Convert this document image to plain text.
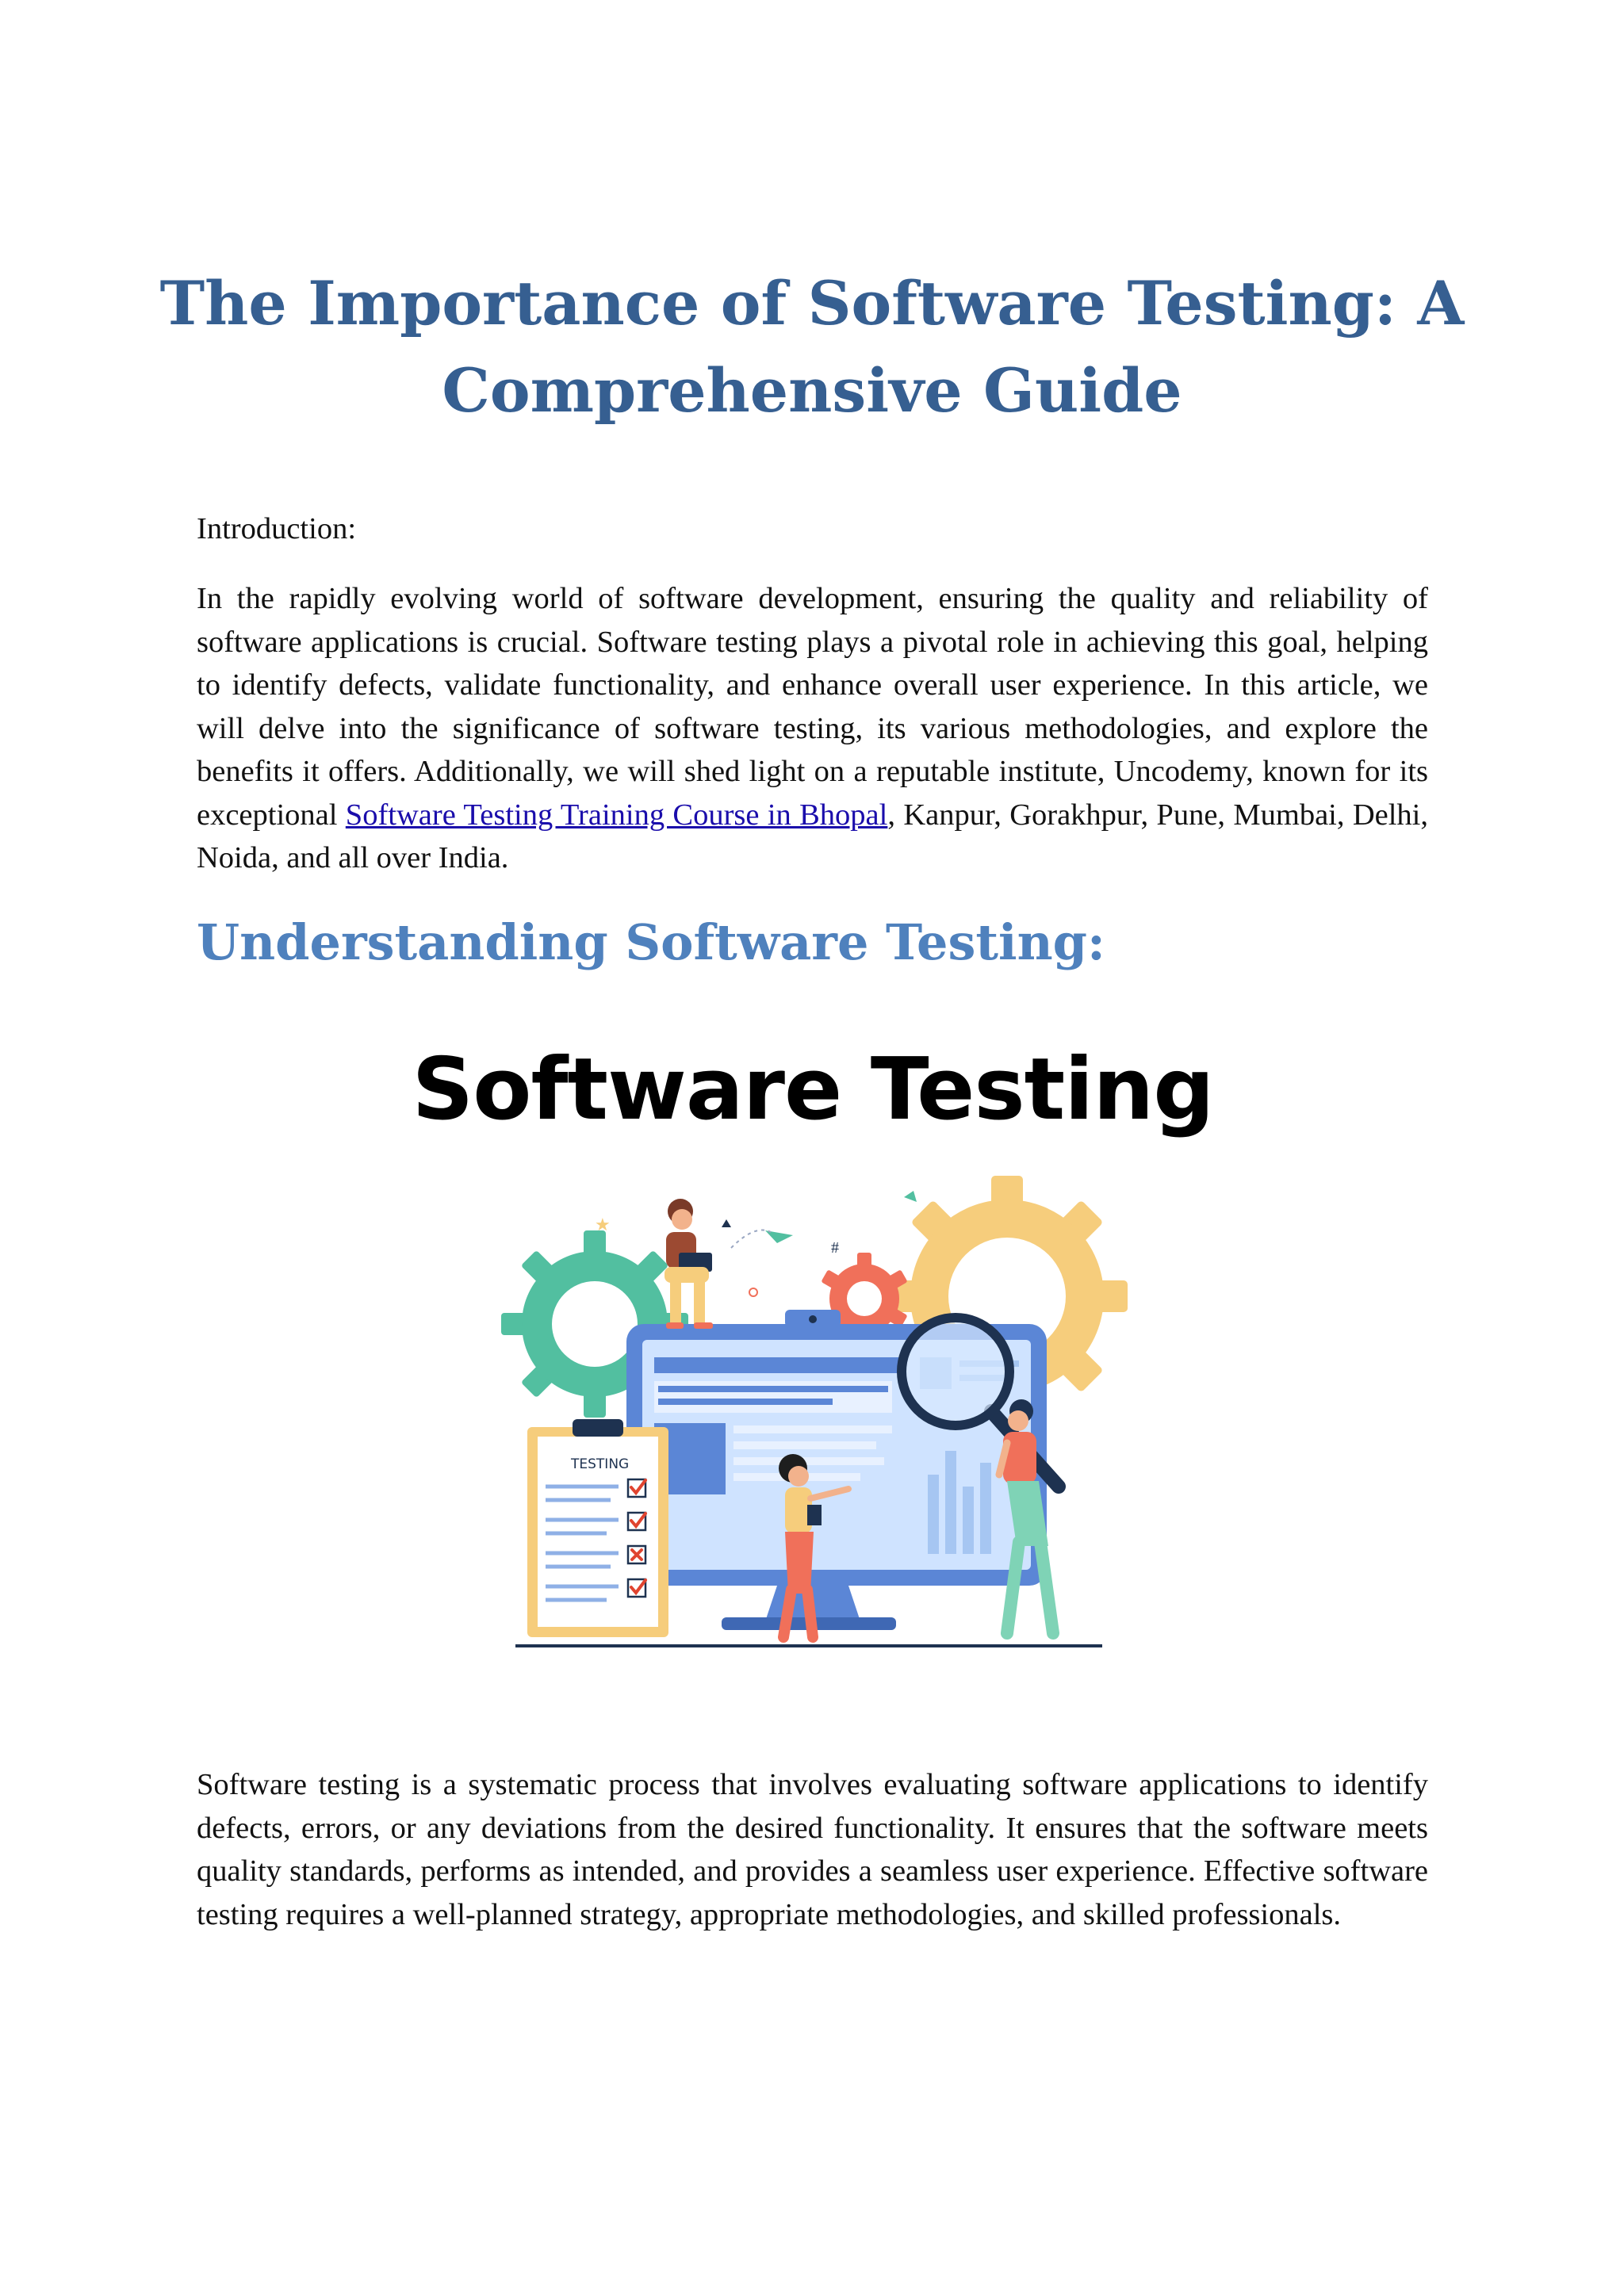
The Importance of Software Testing: A Comprehensive Guide

Introduction:

In the rapidly evolving world of software development, ensuring the quality and reliability of software applications is crucial. Software testing plays a pivotal role in achieving this goal, helping to identify defects, validate functionality, and enhance overall user experience. In this article, we will delve into the significance of software testing, its various methodologies, and explore the benefits it offers. Additionally, we will shed light on a reputable institute, Uncodemy, known for its exceptional Software Testing Training Course in Bhopal, Kanpur, Gorakhpur, Pune, Mumbai, Delhi, Noida, and all over India.

Understanding Software Testing:

Software Testing

★
#
TESTING

Software testing is a systematic process that involves evaluating software applications to identify defects, errors, or any deviations from the desired functionality. It ensures that the software meets quality standards, performs as intended, and provides a seamless user experience. Effective software testing requires a well-planned strategy, appropriate methodologies, and skilled professionals.
